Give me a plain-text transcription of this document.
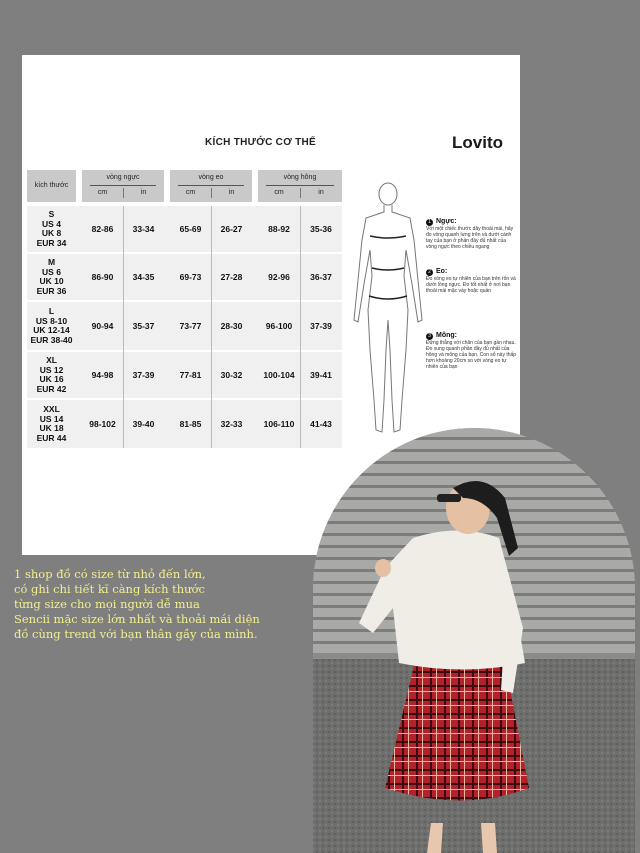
KÍCH THƯỚC CƠ THỂ	Lovito
kích thước
vòng ngực
cm	in
vòng eo
cm	in
vòng hông
cm	in
S
US 4
UK 8
EUR 34
82-86	33-34	65-69	26-27	88-92	35-36
M
US 6
UK 10
EUR 36
86-90	34-35	69-73	27-28	92-96	36-37
L
US 8-10
UK 12-14
EUR 38-40
90-94	35-37	73-77	28-30	96-100	37-39
XL
US 12
UK 16
EUR 42
94-98	37-39	77-81	30-32	100-104	39-41
XXL
US 14
UK 18
EUR 44
98-102	39-40	81-85	32-33	106-110	41-43
1 Ngực:
Với một chiếc thước dây thoải mái, hãy đo vòng quanh lưng trên và dưới cánh tay của bạn ở phần đầy đủ nhất của vòng ngực theo chiều ngang
2 Eo:
Đo vòng eo tự nhiên của bạn trên rốn và dưới lồng ngực. Đo tốt nhất ở nơi bạn thoải mái mặc váy hoặc quần
3 Mông:
Đứng thẳng với chân của bạn gần nhau. Đo xung quanh phần đầy đủ nhất của hông và mông của bạn. Con số này thấp hơn khoảng 20cm so với vòng eo tự nhiên của bạn
1 shop đồ có size từ nhỏ đến lớn,
có ghi chi tiết kĩ càng kích thước
từng size cho mọi người dễ mua
Sencii mặc size lớn nhất và thoải mái diện
đồ cùng trend với bạn thân gầy của mình.
